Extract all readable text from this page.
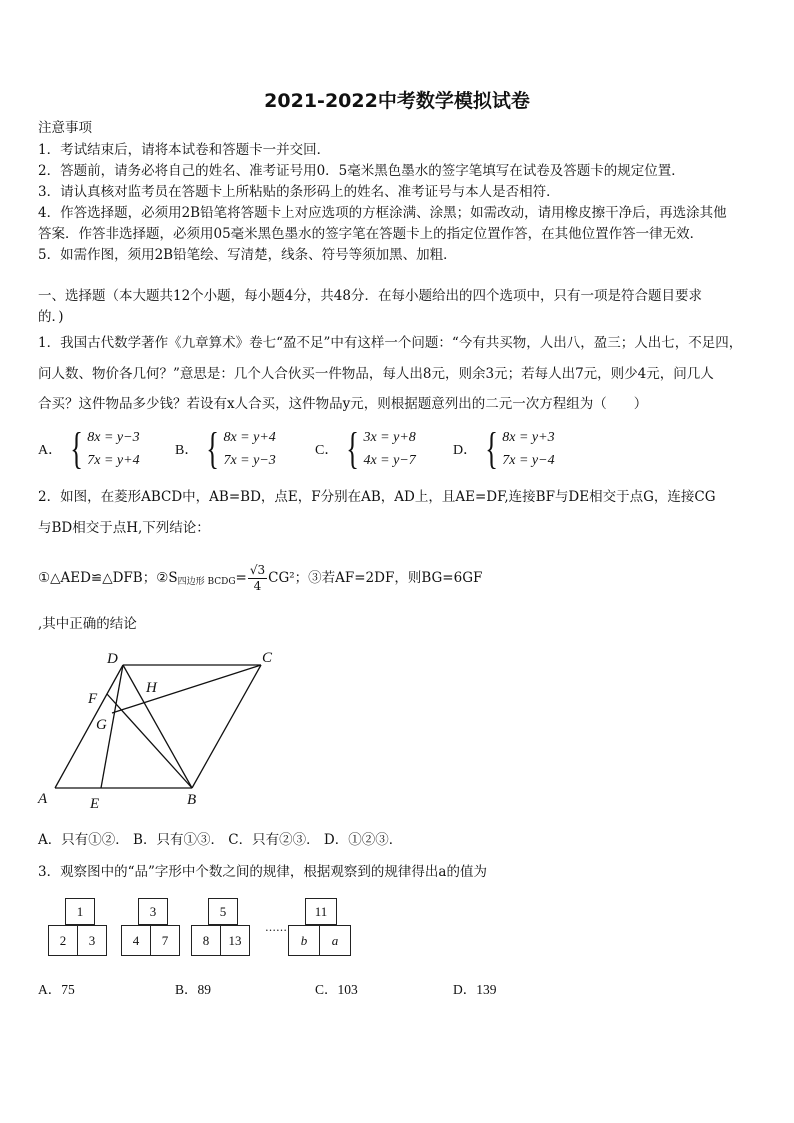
2021-2022中考数学模拟试卷
注意事项
1．考试结束后，请将本试卷和答题卡一并交回．
2．答题前，请务必将自己的姓名、准考证号用0．5毫米黑色墨水的签字笔填写在试卷及答题卡的规定位置．
3．请认真核对监考员在答题卡上所粘贴的条形码上的姓名、准考证号与本人是否相符．
4．作答选择题，必须用2B铅笔将答题卡上对应选项的方框涂满、涂黑；如需改动，请用橡皮擦干净后，再选涂其他
答案．作答非选择题，必须用05毫米黑色墨水的签字笔在答题卡上的指定位置作答，在其他位置作答一律无效．
5．如需作图，须用2B铅笔绘、写清楚，线条、符号等须加黑、加粗．
一、选择题（本大题共12个小题，每小题4分，共48分．在每小题给出的四个选项中，只有一项是符合题目要求
的．)
1．我国古代数学著作《九章算术》卷七“盈不足”中有这样一个问题：“今有共买物，人出八，盈三；人出七，不足四，
问人数、物价各几何？”意思是：几个人合伙买一件物品，每人出8元，则余3元；若每人出7元，则少4元，问几人
合买？这件物品多少钱？若设有x人合买，这件物品y元，则根据题意列出的二元一次方程组为（　　）
A． { 8x = y−3
7x = y+4
B． { 8x = y+4
7x = y−3
C． { 3x = y+8
4x = y−7
D． { 8x = y+3
7x = y−4
2．如图，在菱形ABCD中，AB=BD，点E，F分别在AB，AD上，且AE=DF,连接BF与DE相交于点G，连接CG
与BD相交于点H,下列结论：
①△AED≌△DFB；②S 四边形 BCDG = $\frac{√3}{4} CG^2$；③若AF=2DF，则BG=6GF
,其中正确的结论
D	C
H
F
G
A	E	B
A．只有①②． B．只有①③． C．只有②③． D．①②③．
3．观察图中的“品”字形中个数之间的规律，根据观察到的规律得出a的值为
1
2	3
3
4	7
5
8	13
……
11
b	a
A．75	B．89	C．103	D．139
